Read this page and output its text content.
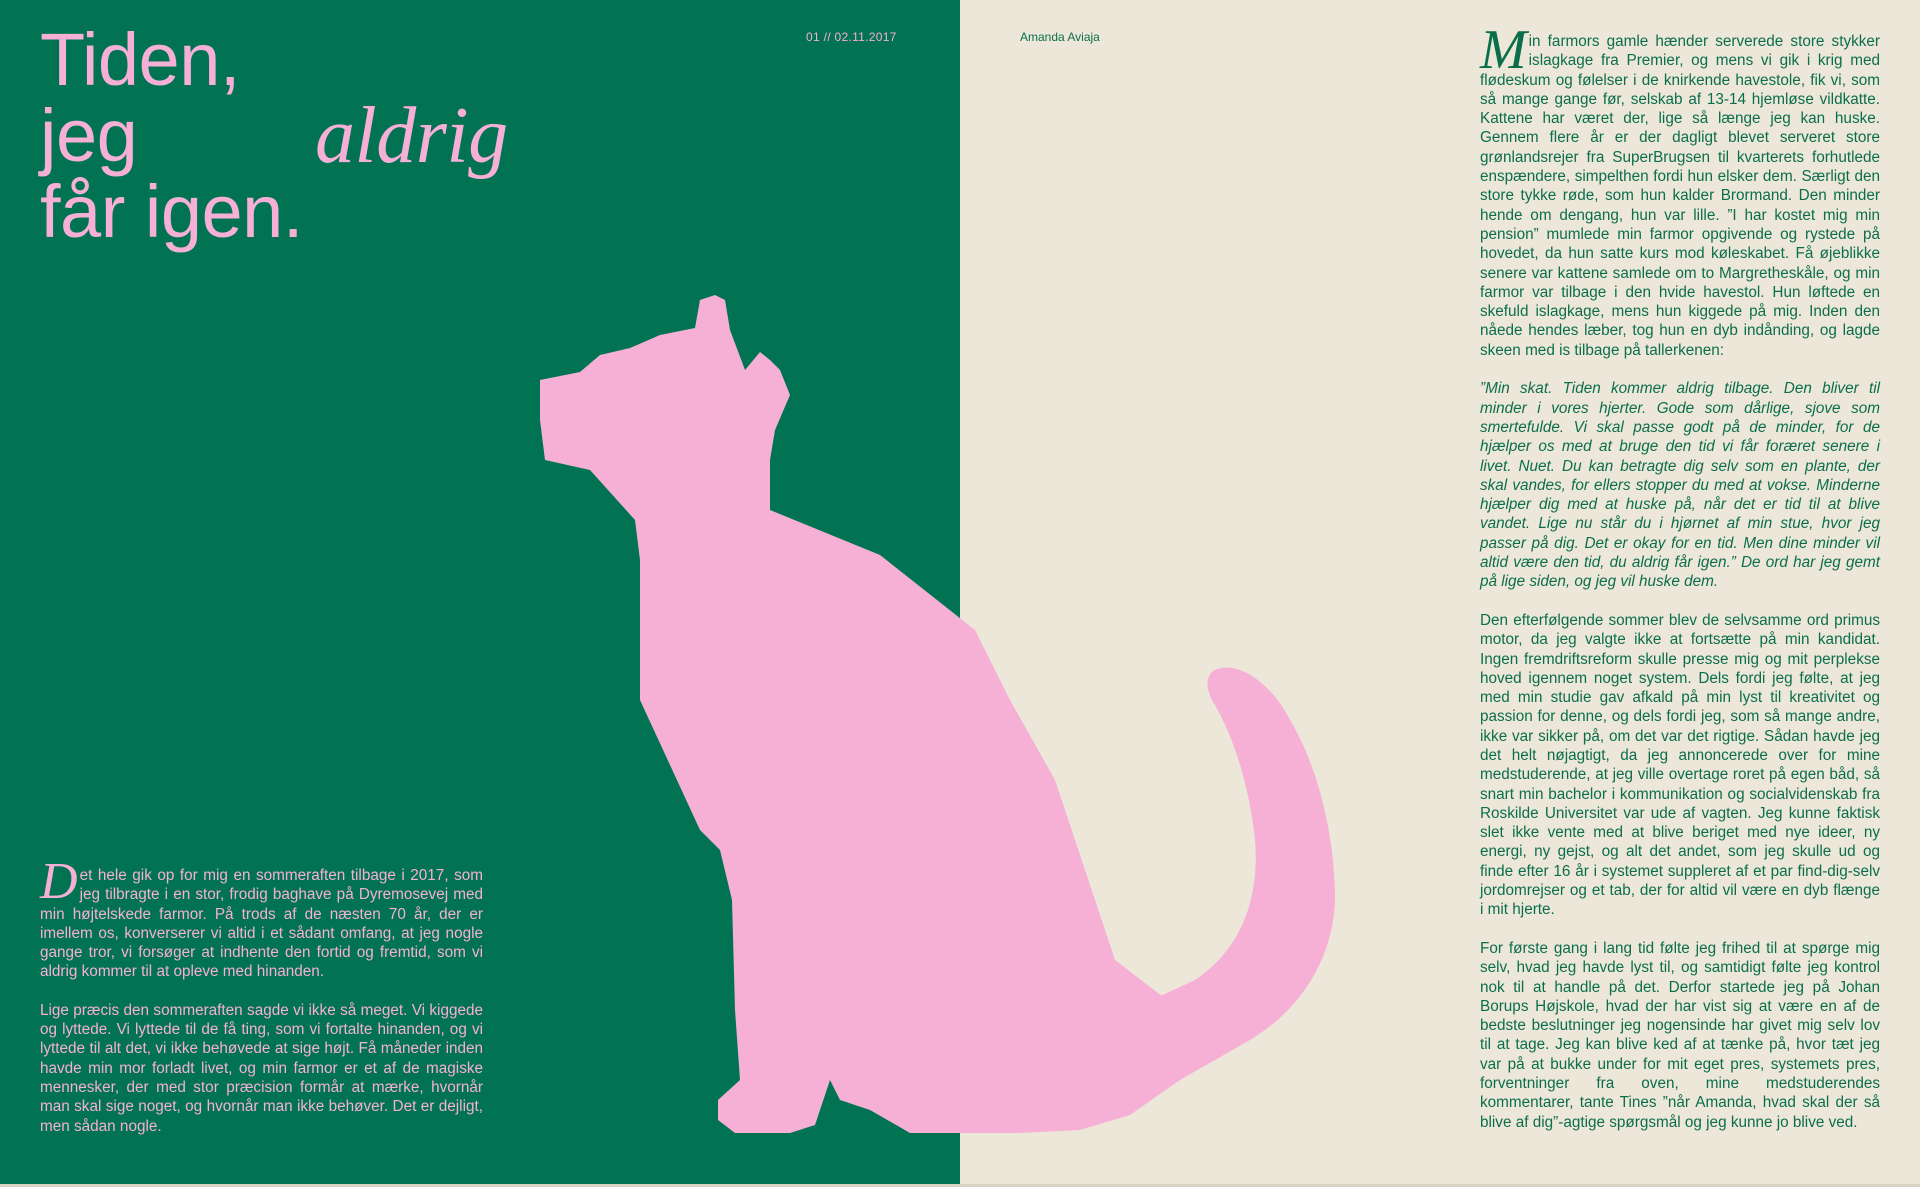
Tiden,
jeg aldrig
får igen.
01 // 02.11.2017	Amanda Aviaja

Det hele gik op for mig en sommeraften tilbage i 2017, som jeg tilbragte i en stor, frodig baghave på Dyremosevej med min højtelskede farmor. På trods af de næsten 70 år, der er imellem os, konverserer vi altid i et sådant omfang, at jeg nogle gange tror, vi forsøger at indhente den fortid og fremtid, som vi aldrig kommer til at opleve med hinanden.

Lige præcis den sommeraften sagde vi ikke så meget. Vi kiggede og lyttede. Vi lyttede til de få ting, som vi fortalte hinanden, og vi lyttede til alt det, vi ikke behøvede at sige højt. Få måneder inden havde min mor forladt livet, og min farmor er et af de magiske mennesker, der med stor præcision formår at mærke, hvornår man skal sige noget, og hvornår man ikke behøver. Det er dejligt, men sådan nogle.

Min farmors gamle hænder serverede store stykker islagkage fra Premier, og mens vi gik i krig med flødeskum og følelser i de knirkende havestole, fik vi, som så mange gange før, selskab af 13-14 hjemløse vildkatte. Kattene har været der, lige så længe jeg kan huske. Gennem flere år er der dagligt blevet serveret store grønlandsrejer fra SuperBrugsen til kvarterets forhutlede enspændere, simpelthen fordi hun elsker dem. Særligt den store tykke røde, som hun kalder Brormand. Den minder hende om dengang, hun var lille. ”I har kostet mig min pension” mumlede min farmor opgivende og rystede på hovedet, da hun satte kurs mod køleskabet. Få øjeblikke senere var kattene samlede om to Margretheskåle, og min farmor var tilbage i den hvide havestol. Hun løftede en skefuld islagkage, mens hun kiggede på mig. Inden den nåede hendes læber, tog hun en dyb indånding, og lagde skeen med is tilbage på tallerkenen:

”Min skat. Tiden kommer aldrig tilbage. Den bliver til minder i vores hjerter. Gode som dårlige, sjove som smertefulde. Vi skal passe godt på de minder, for de hjælper os med at bruge den tid vi får foræret senere i livet. Nuet. Du kan betragte dig selv som en plante, der skal vandes, for ellers stopper du med at vokse. Minderne hjælper dig med at huske på, når det er tid til at blive vandet. Lige nu står du i hjørnet af min stue, hvor jeg passer på dig. Det er okay for en tid. Men dine minder vil altid være den tid, du aldrig får igen.” De ord har jeg gemt på lige siden, og jeg vil huske dem.

Den efterfølgende sommer blev de selvsamme ord primus motor, da jeg valgte ikke at fortsætte på min kandidat. Ingen fremdriftsreform skulle presse mig og mit perplekse hoved igennem noget system. Dels fordi jeg følte, at jeg med min studie gav afkald på min lyst til kreativitet og passion for denne, og dels fordi jeg, som så mange andre, ikke var sikker på, om det var det rigtige. Sådan havde jeg det helt nøjagtigt, da jeg annoncerede over for mine medstuderende, at jeg ville overtage roret på egen båd, så snart min bachelor i kommunikation og socialvidenskab fra Roskilde Universitet var ude af vagten. Jeg kunne faktisk slet ikke vente med at blive beriget med nye ideer, ny energi, ny gejst, og alt det andet, som jeg skulle ud og finde efter 16 år i systemet suppleret af et par find-dig-selv jordomrejser og et tab, der for altid vil være en dyb flænge i mit hjerte.

For første gang i lang tid følte jeg frihed til at spørge mig selv, hvad jeg havde lyst til, og samtidigt følte jeg kontrol nok til at handle på det. Derfor startede jeg på Johan Borups Højskole, hvad der har vist sig at være en af de bedste beslutninger jeg nogensinde har givet mig selv lov til at tage. Jeg kan blive ked af at tænke på, hvor tæt jeg var på at bukke under for mit eget pres, systemets pres, forventninger fra oven, mine medstuderendes kommentarer, tante Tines ”når Amanda, hvad skal der så blive af dig”-agtige spørgsmål og jeg kunne jo blive ved.
